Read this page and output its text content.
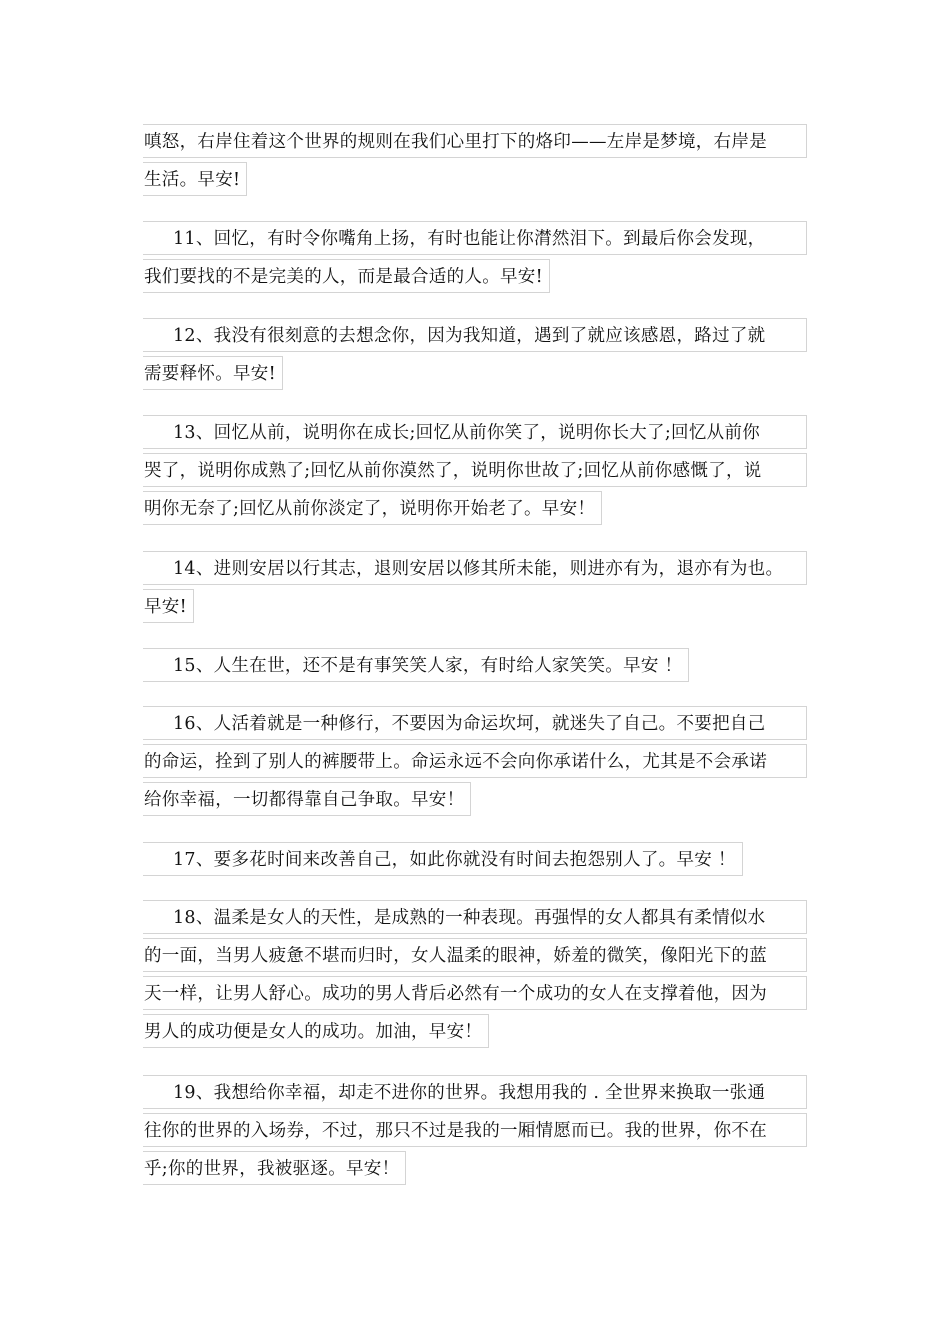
嗔怒，右岸住着这个世界的规则在我们心里打下的烙印——左岸是梦境，右岸是
生活。早安!
11、回忆，有时令你嘴角上扬，有时也能让你潸然泪下。到最后你会发现，
我们要找的不是完美的人，而是最合适的人。早安!
12、我没有很刻意的去想念你，因为我知道，遇到了就应该感恩，路过了就
需要释怀。早安!
13、回忆从前，说明你在成长;回忆从前你笑了，说明你长大了;回忆从前你
哭了，说明你成熟了;回忆从前你漠然了，说明你世故了;回忆从前你感慨了，说
明你无奈了;回忆从前你淡定了，说明你开始老了。早安！
14、进则安居以行其志，退则安居以修其所未能，则进亦有为，退亦有为也。
早安!
15、人生在世，还不是有事笑笑人家，有时给人家笑笑。早安 ！
16、人活着就是一种修行，不要因为命运坎坷，就迷失了自己。不要把自己
的命运，拴到了别人的裤腰带上。命运永远不会向你承诺什么，尤其是不会承诺
给你幸福，一切都得靠自己争取。早安！
17、要多花时间来改善自己，如此你就没有时间去抱怨别人了。早安 ！
18、温柔是女人的天性，是成熟的一种表现。再强悍的女人都具有柔情似水
的一面，当男人疲惫不堪而归时，女人温柔的眼神，娇羞的微笑，像阳光下的蓝
天一样，让男人舒心。成功的男人背后必然有一个成功的女人在支撑着他，因为
男人的成功便是女人的成功。加油，早安！
19、我想给你幸福，却走不进你的世界。我想用我的 . 全世界来换取一张通
往你的世界的入场券，不过，那只不过是我的一厢情愿而已。我的世界，你不在
乎;你的世界，我被驱逐。早安！
